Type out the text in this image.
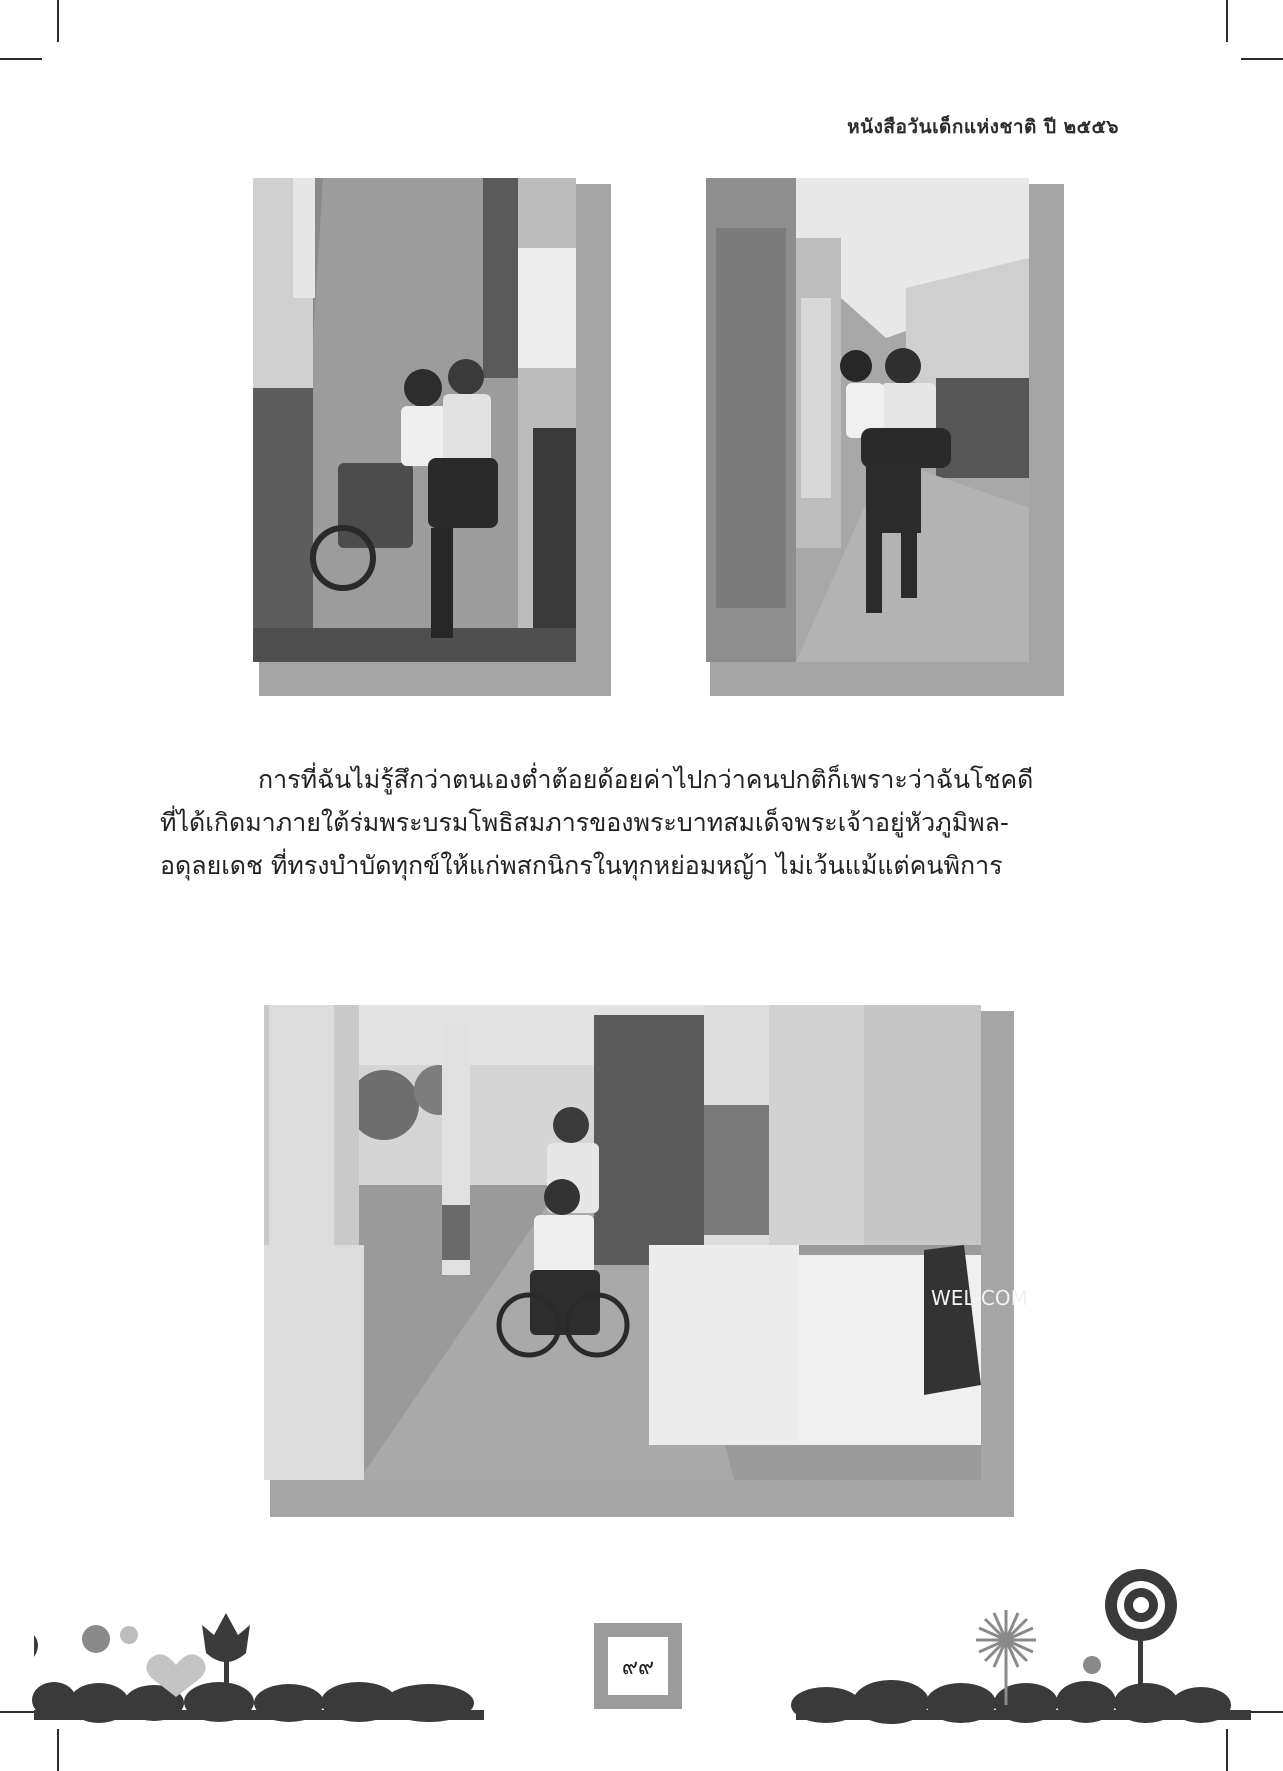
หนังสือวันเด็กแห่งชาติ ปี ๒๕๕๖
การที่ฉันไม่รู้สึกว่าตนเองต่ำต้อยด้อยค่าไปกว่าคนปกติก็เพราะว่าฉันโชคดี
ที่ได้เกิดมาภายใต้ร่มพระบรมโพธิสมภารของพระบาทสมเด็จพระเจ้าอยู่หัวภูมิพล-
อดุลยเดช ที่ทรงบำบัดทุกข์ให้แก่พสกนิกรในทุกหย่อมหญ้า ไม่เว้นแม้แต่คนพิการ
WEL COM
๙๙
